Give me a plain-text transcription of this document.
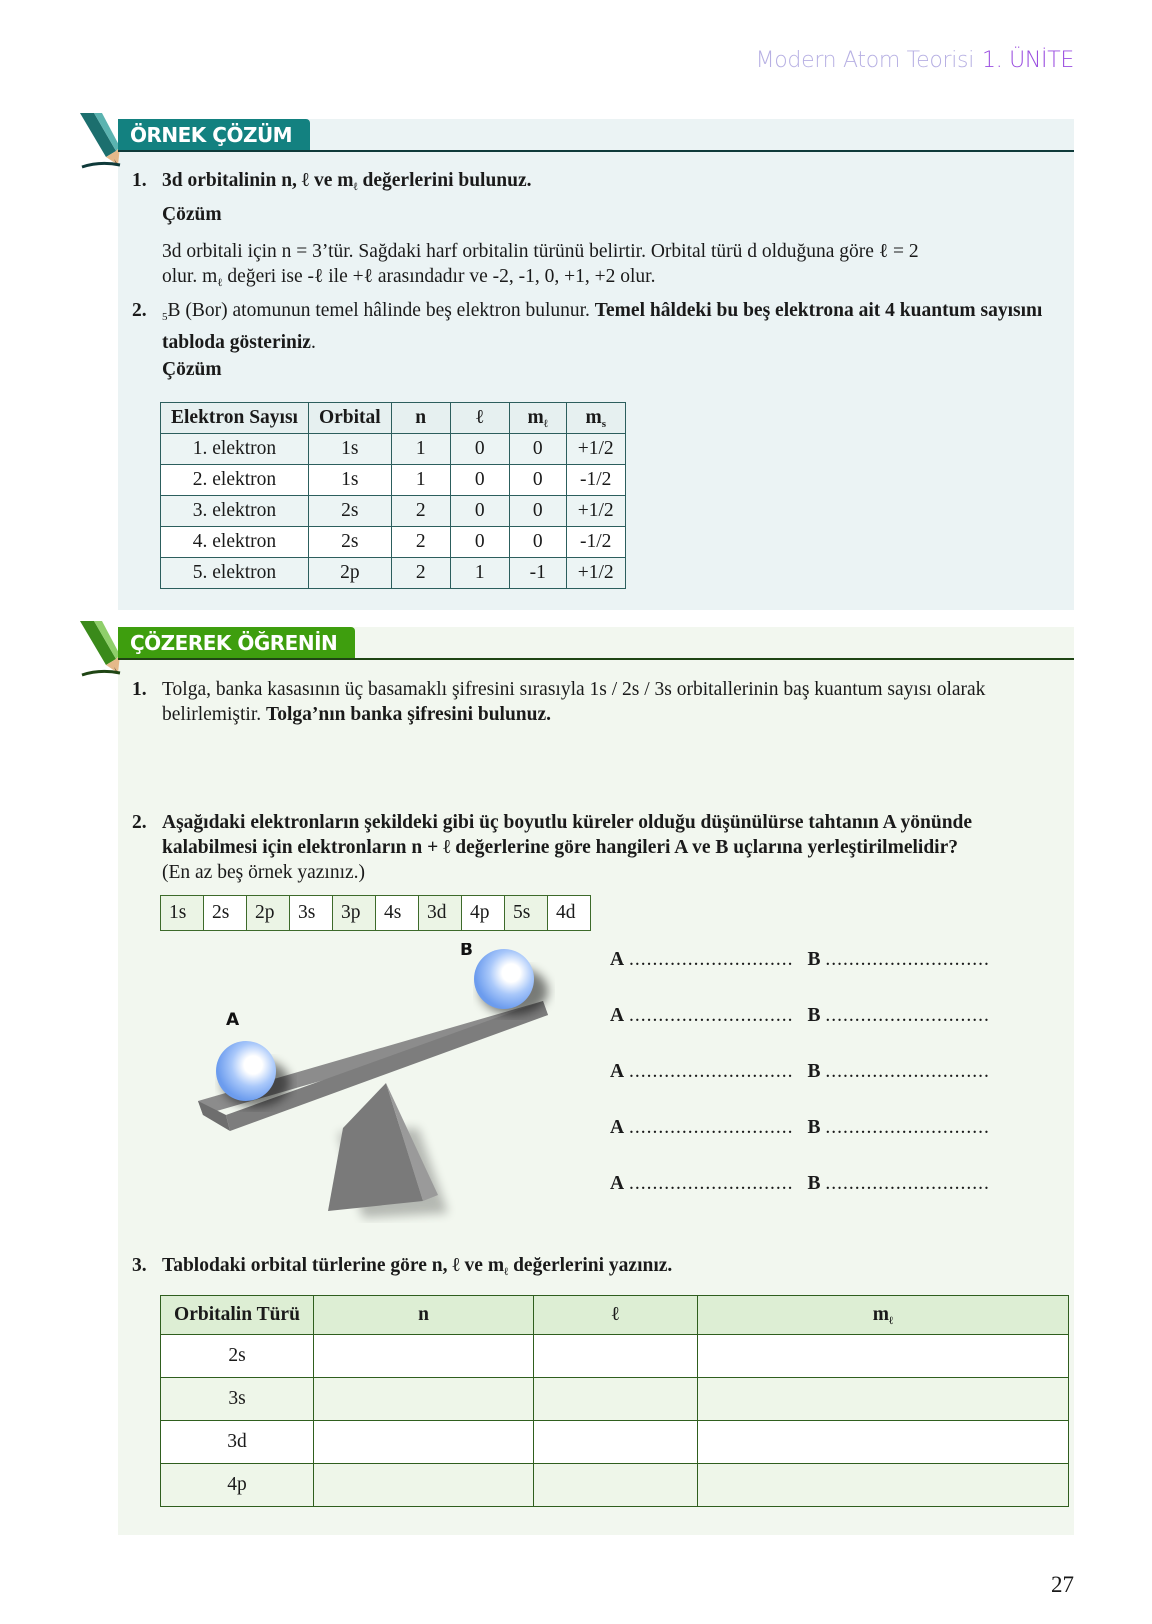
Modern Atom Teorisi 1. ÜNİTE
ÖRNEK ÇÖZÜM
1. 3d orbitalinin n, ℓ ve $m_\ell$ değerlerini bulunuz.
Çözüm
3d orbitali için n = 3’tür. Sağdaki harf orbitalin türünü belirtir. Orbital türü d olduğuna göre ℓ = 2
olur. $m_\ell$ değeri ise -ℓ ile +ℓ arasındadır ve -2, -1, 0, +1, +2 olur.
2. $_5$B (Bor) atomunun temel hâlinde beş elektron bulunur. Temel hâldeki bu beş elektrona ait 4 kuantum sayısını tabloda gösteriniz.
Çözüm
Elektron Sayısı	Orbital	n	ℓ	$m_\ell$	$m_s$
1. elektron	1s	1	0	0	+1/2
2. elektron	1s	1	0	0	-1/2
3. elektron	2s	2	0	0	+1/2
4. elektron	2s	2	0	0	-1/2
5. elektron	2p	2	1	-1	+1/2
ÇÖZEREK ÖĞRENİN
1. Tolga, banka kasasının üç basamaklı şifresini sırasıyla 1s / 2s / 3s orbitallerinin baş kuantum sayısı olarak belirlemiştir. Tolga’nın banka şifresini bulunuz.
2. Aşağıdaki elektronların şekildeki gibi üç boyutlu küreler olduğu düşünülürse tahtanın A yönünde kalabilmesi için elektronların n + ℓ değerlerine göre hangileri A ve B uçlarına yerleştirilmelidir?
(En az beş örnek yazınız.)
1s	2s	2p	3s	3p	4s	3d	4p	5s	4d
A
B	A ............................ B ............................
A ............................ B ............................
A ............................ B ............................
A ............................ B ............................
A ............................ B ............................
3. Tablodaki orbital türlerine göre n, ℓ ve $m_\ell$ değerlerini yazınız.
Orbitalin Türü	n	ℓ	$m_\ell$
2s			
3s			
3d			
4p			
27
